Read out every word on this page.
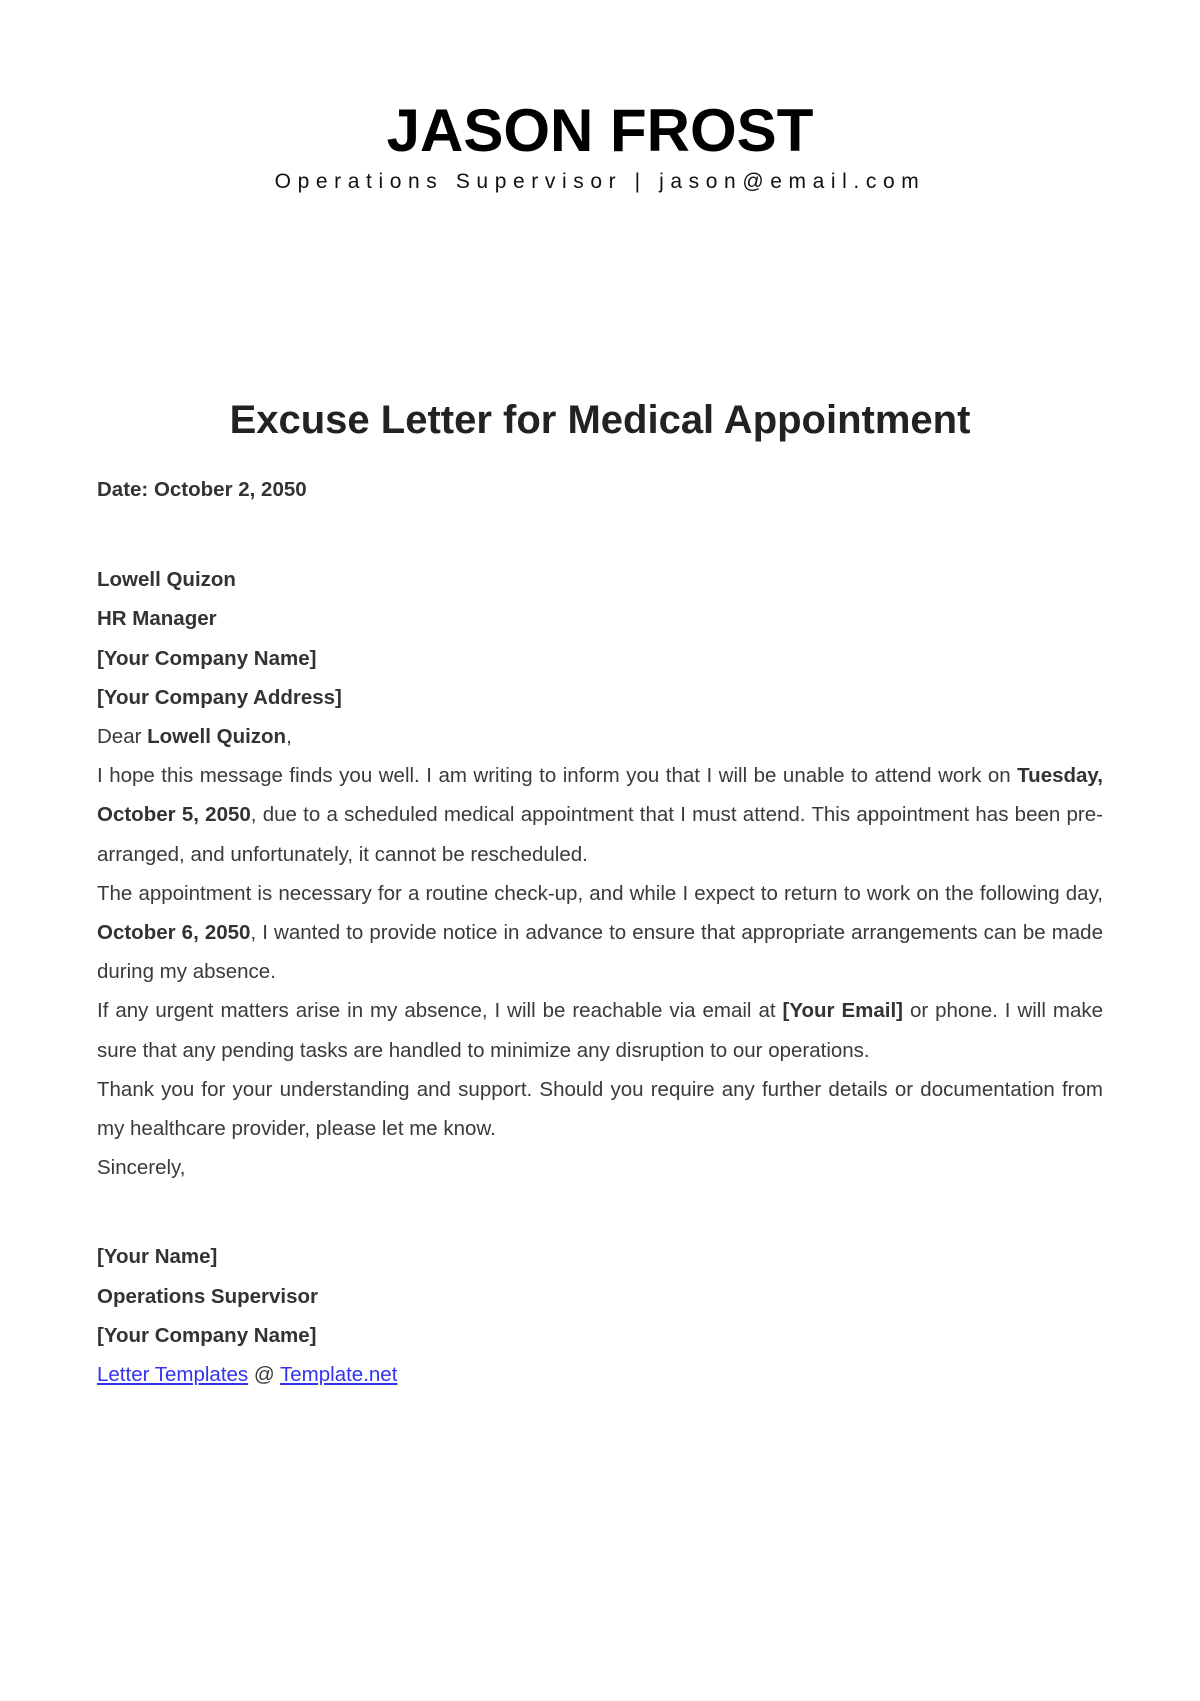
JASON FROST
Operations Supervisor | jason@email.com
Excuse Letter for Medical Appointment

Date: October 2, 2050

Lowell Quizon

HR Manager

[Your Company Name]

[Your Company Address]

Dear Lowell Quizon,

I hope this message finds you well. I am writing to inform you that I will be unable to attend work on Tuesday, October 5, 2050, due to a scheduled medical appointment that I must attend. This appointment has been pre-arranged, and unfortunately, it cannot be rescheduled.

The appointment is necessary for a routine check-up, and while I expect to return to work on the following day, October 6, 2050, I wanted to provide notice in advance to ensure that appropriate arrangements can be made during my absence.

If any urgent matters arise in my absence, I will be reachable via email at [Your Email] or phone. I will make sure that any pending tasks are handled to minimize any disruption to our operations.

Thank you for your understanding and support. Should you require any further details or documentation from my healthcare provider, please let me know.

Sincerely,

[Your Name]

Operations Supervisor

[Your Company Name]

Letter Templates @ Template.net
